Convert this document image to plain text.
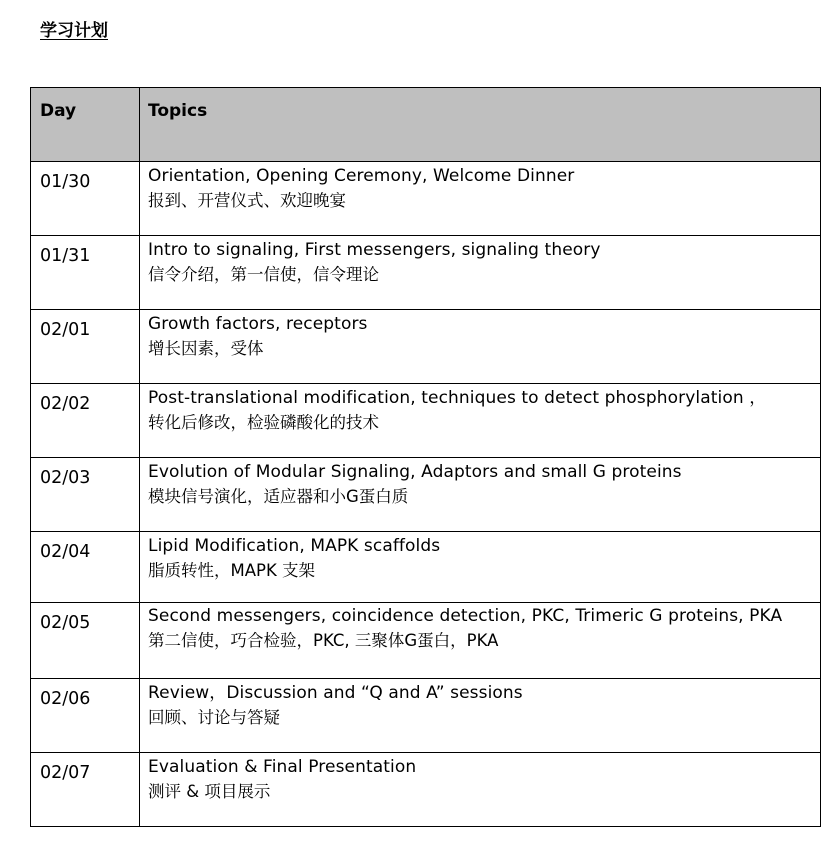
学习计划
Day	Topics

01/30	Orientation, Opening Ceremony, Welcome Dinner
报到、开营仪式、欢迎晚宴

01/31	Intro to signaling, First messengers, signaling theory
信令介绍，第一信使，信令理论

02/01	Growth factors, receptors
增长因素，受体

02/02	Post-translational modification, techniques to detect phosphorylation ，
转化后修改，检验磷酸化的技术

02/03	Evolution of Modular Signaling, Adaptors and small G proteins
模块信号演化，适应器和小G蛋白质

02/04	Lipid Modification, MAPK scaffolds
脂质转性，MAPK 支架

02/05	Second messengers, coincidence detection, PKC, Trimeric G proteins, PKA
第二信使，巧合检验，PKC, 三聚体G蛋白，PKA

02/06	Review，Discussion and “Q and A” sessions
回顾、讨论与答疑

02/07	Evaluation & Final Presentation
测评 & 项目展示
